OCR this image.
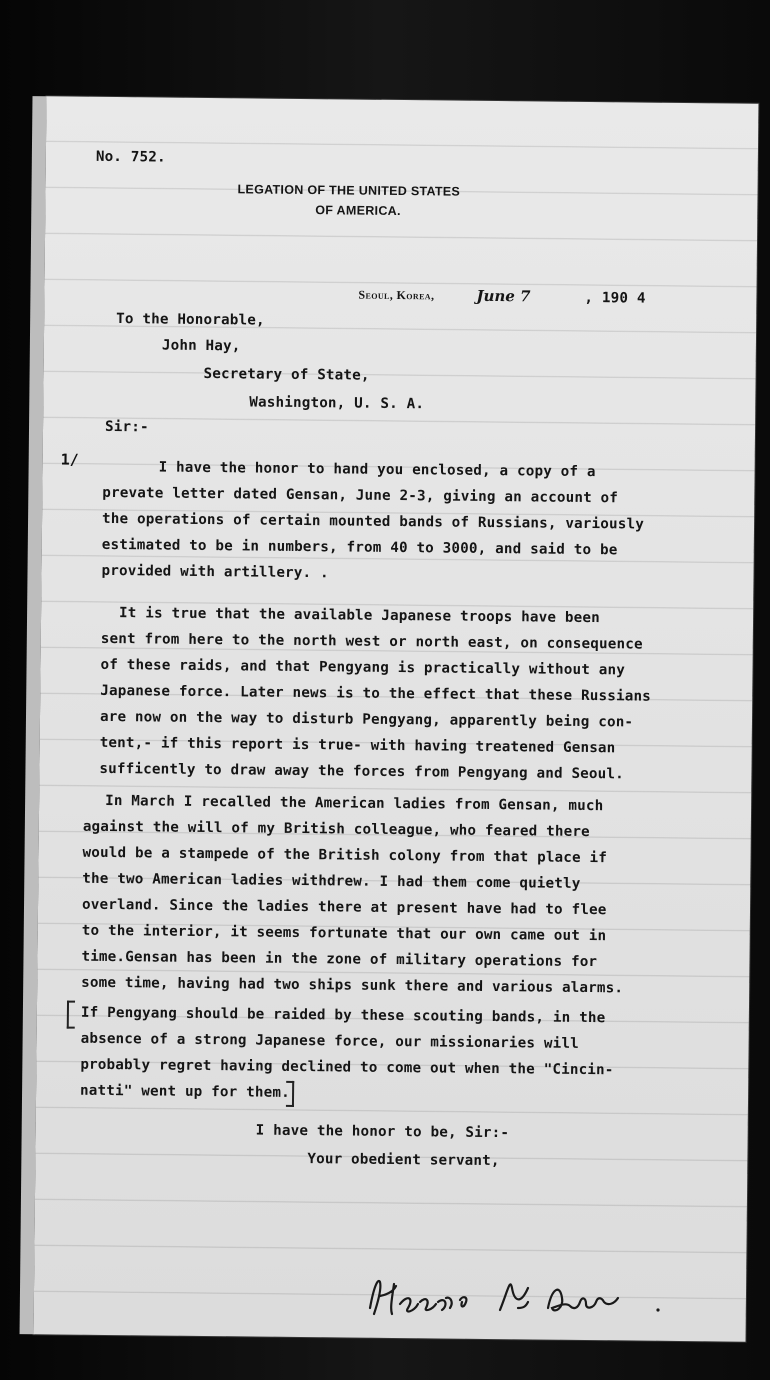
No. 752.
LEGATION OF THE UNITED STATES
OF AMERICA.
Seoul, Korea,	June 7	, 190 4
To the Honorable,
John Hay,
Secretary of State,
Washington, U. S. A.
Sir:-
1/	I have the honor to hand you enclosed, a copy of a
prevate letter dated Gensan, June 2-3, giving an account of
the operations of certain mounted bands of Russians, variously
estimated to be in numbers, from 40 to 3000, and said to be
provided with artillery. .
It is true that the available Japanese troops have been
sent from here to the north west or north east, on consequence
of these raids, and that Pengyang is practically without any
Japanese force. Later news is to the effect that these Russians
are now on the way to disturb Pengyang, apparently being con-
tent,- if this report is true- with having treatened Gensan
sufficently to draw away the forces from Pengyang and Seoul.
In March I recalled the American ladies from Gensan, much
against the will of my British colleague, who feared there
would be a stampede of the British colony from that place if
the two American ladies withdrew. I had them come quietly
overland. Since the ladies there at present have had to flee
to the interior, it seems fortunate that our own came out in
time.Gensan has been in the zone of military operations for
some time, having had two ships sunk there and various alarms.
If Pengyang should be raided by these scouting bands, in the
absence of a strong Japanese force, our missionaries will
probably regret having declined to come out when the "Cincin-
natti" went up for them.
I have the honor to be, Sir:-
Your obedient servant,
